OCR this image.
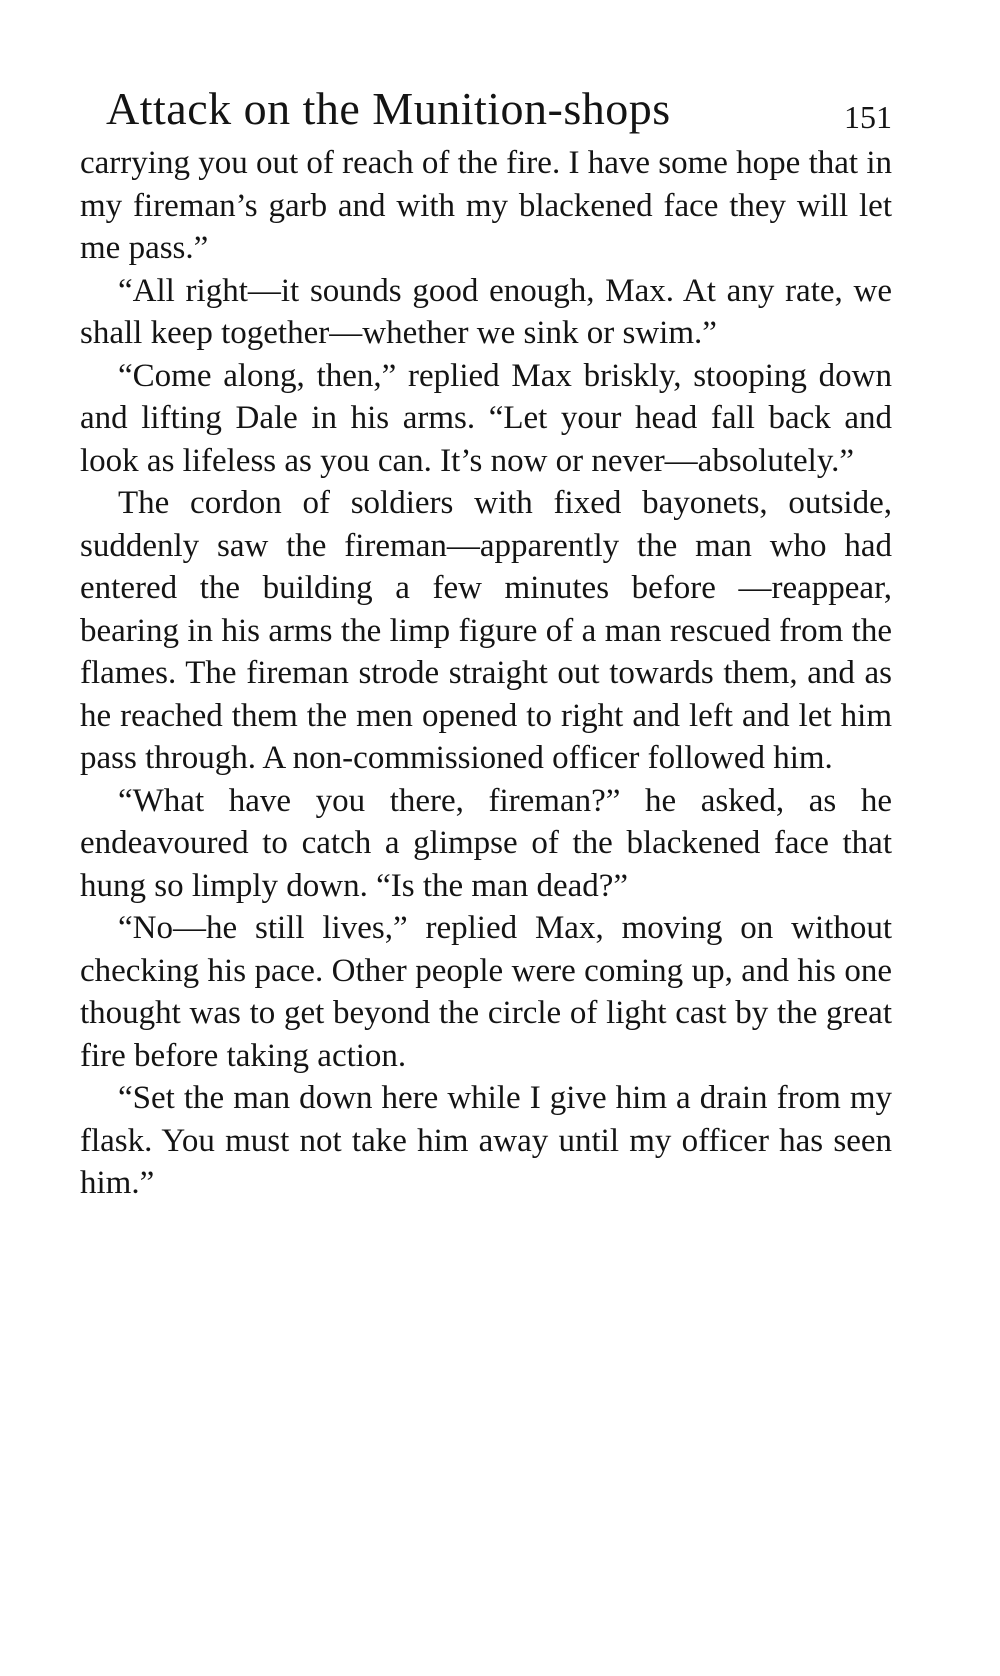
Attack on the Munition-shops	151

carrying you out of reach of the fire. I have some hope that in my fireman’s garb and with my blackened face they will let me pass.”

“All right—it sounds good enough, Max. At any rate, we shall keep together—whether we sink or swim.”

“Come along, then,” replied Max briskly, stooping down and lifting Dale in his arms. “Let your head fall back and look as lifeless as you can. It’s now or never—absolutely.”

The cordon of soldiers with fixed bayonets, outside, suddenly saw the fireman—apparently the man who had entered the building a few minutes before —reappear, bearing in his arms the limp figure of a man rescued from the flames. The fireman strode straight out towards them, and as he reached them the men opened to right and left and let him pass through. A non-commissioned officer followed him.

“What have you there, fireman?” he asked, as he endeavoured to catch a glimpse of the blackened face that hung so limply down. “Is the man dead?”

“No—he still lives,” replied Max, moving on without checking his pace. Other people were coming up, and his one thought was to get beyond the circle of light cast by the great fire before taking action.

“Set the man down here while I give him a drain from my flask. You must not take him away until my officer has seen him.”
